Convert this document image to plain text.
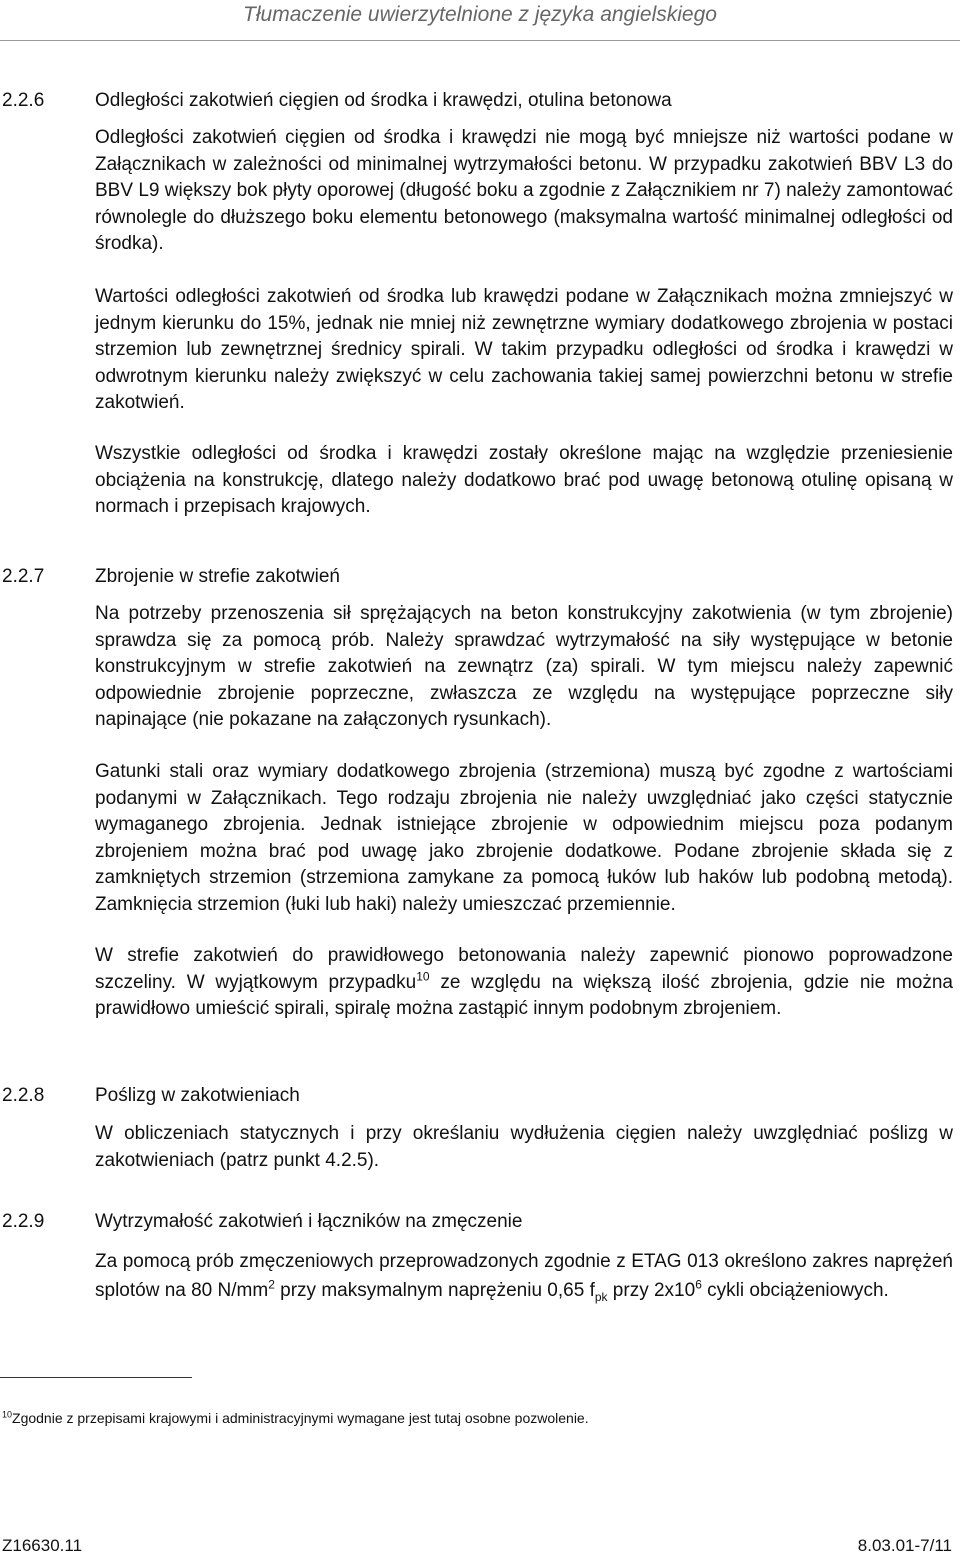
Tłumaczenie uwierzytelnione z języka angielskiego
2.2.6	Odległości zakotwień cięgien od środka i krawędzi, otulina betonowa

Odległości zakotwień cięgien od środka i krawędzi nie mogą być mniejsze niż wartości podane w Załącznikach w zależności od minimalnej wytrzymałości betonu. W przypadku zakotwień BBV L3 do BBV L9 większy bok płyty oporowej (długość boku a zgodnie z Załącznikiem nr 7) należy zamontować równolegle do dłuższego boku elementu betonowego (maksymalna wartość minimalnej odległości od środka).

Wartości odległości zakotwień od środka lub krawędzi podane w Załącznikach można zmniejszyć w jednym kierunku do 15%, jednak nie mniej niż zewnętrzne wymiary dodatkowego zbrojenia w postaci strzemion lub zewnętrznej średnicy spirali. W takim przypadku odległości od środka i krawędzi w odwrotnym kierunku należy zwiększyć w celu zachowania takiej samej powierzchni betonu w strefie zakotwień.

Wszystkie odległości od środka i krawędzi zostały określone mając na względzie przeniesienie obciążenia na konstrukcję, dlatego należy dodatkowo brać pod uwagę betonową otulinę opisaną w normach i przepisach krajowych.

2.2.7	Zbrojenie w strefie zakotwień

Na potrzeby przenoszenia sił sprężających na beton konstrukcyjny zakotwienia (w tym zbrojenie) sprawdza się za pomocą prób. Należy sprawdzać wytrzymałość na siły występujące w betonie konstrukcyjnym w strefie zakotwień na zewnątrz (za) spirali. W tym miejscu należy zapewnić odpowiednie zbrojenie poprzeczne, zwłaszcza ze względu na występujące poprzeczne siły napinające (nie pokazane na załączonych rysunkach).

Gatunki stali oraz wymiary dodatkowego zbrojenia (strzemiona) muszą być zgodne z wartościami podanymi w Załącznikach. Tego rodzaju zbrojenia nie należy uwzględniać jako części statycznie wymaganego zbrojenia. Jednak istniejące zbrojenie w odpowiednim miejscu poza podanym zbrojeniem można brać pod uwagę jako zbrojenie dodatkowe. Podane zbrojenie składa się z zamkniętych strzemion (strzemiona zamykane za pomocą łuków lub haków lub podobną metodą). Zamknięcia strzemion (łuki lub haki) należy umieszczać przemiennie.

W strefie zakotwień do prawidłowego betonowania należy zapewnić pionowo poprowadzone szczeliny. W wyjątkowym przypadku$^{10}$ ze względu na większą ilość zbrojenia, gdzie nie można prawidłowo umieścić spirali, spiralę można zastąpić innym podobnym zbrojeniem.

2.2.8	Poślizg w zakotwieniach

W obliczeniach statycznych i przy określaniu wydłużenia cięgien należy uwzględniać poślizg w zakotwieniach (patrz punkt 4.2.5).

2.2.9	Wytrzymałość zakotwień i łączników na zmęczenie

Za pomocą prób zmęczeniowych przeprowadzonych zgodnie z ETAG 013 określono zakres naprężeń splotów na 80 $N/mm^2$ przy maksymalnym naprężeniu 0,65 $f_{pk}$ przy $2x10^6$ cykli obciążeniowych.

$^{10}$Zgodnie z przepisami krajowymi i administracyjnymi wymagane jest tutaj osobne pozwolenie.
Z16630.11	8.03.01-7/11
